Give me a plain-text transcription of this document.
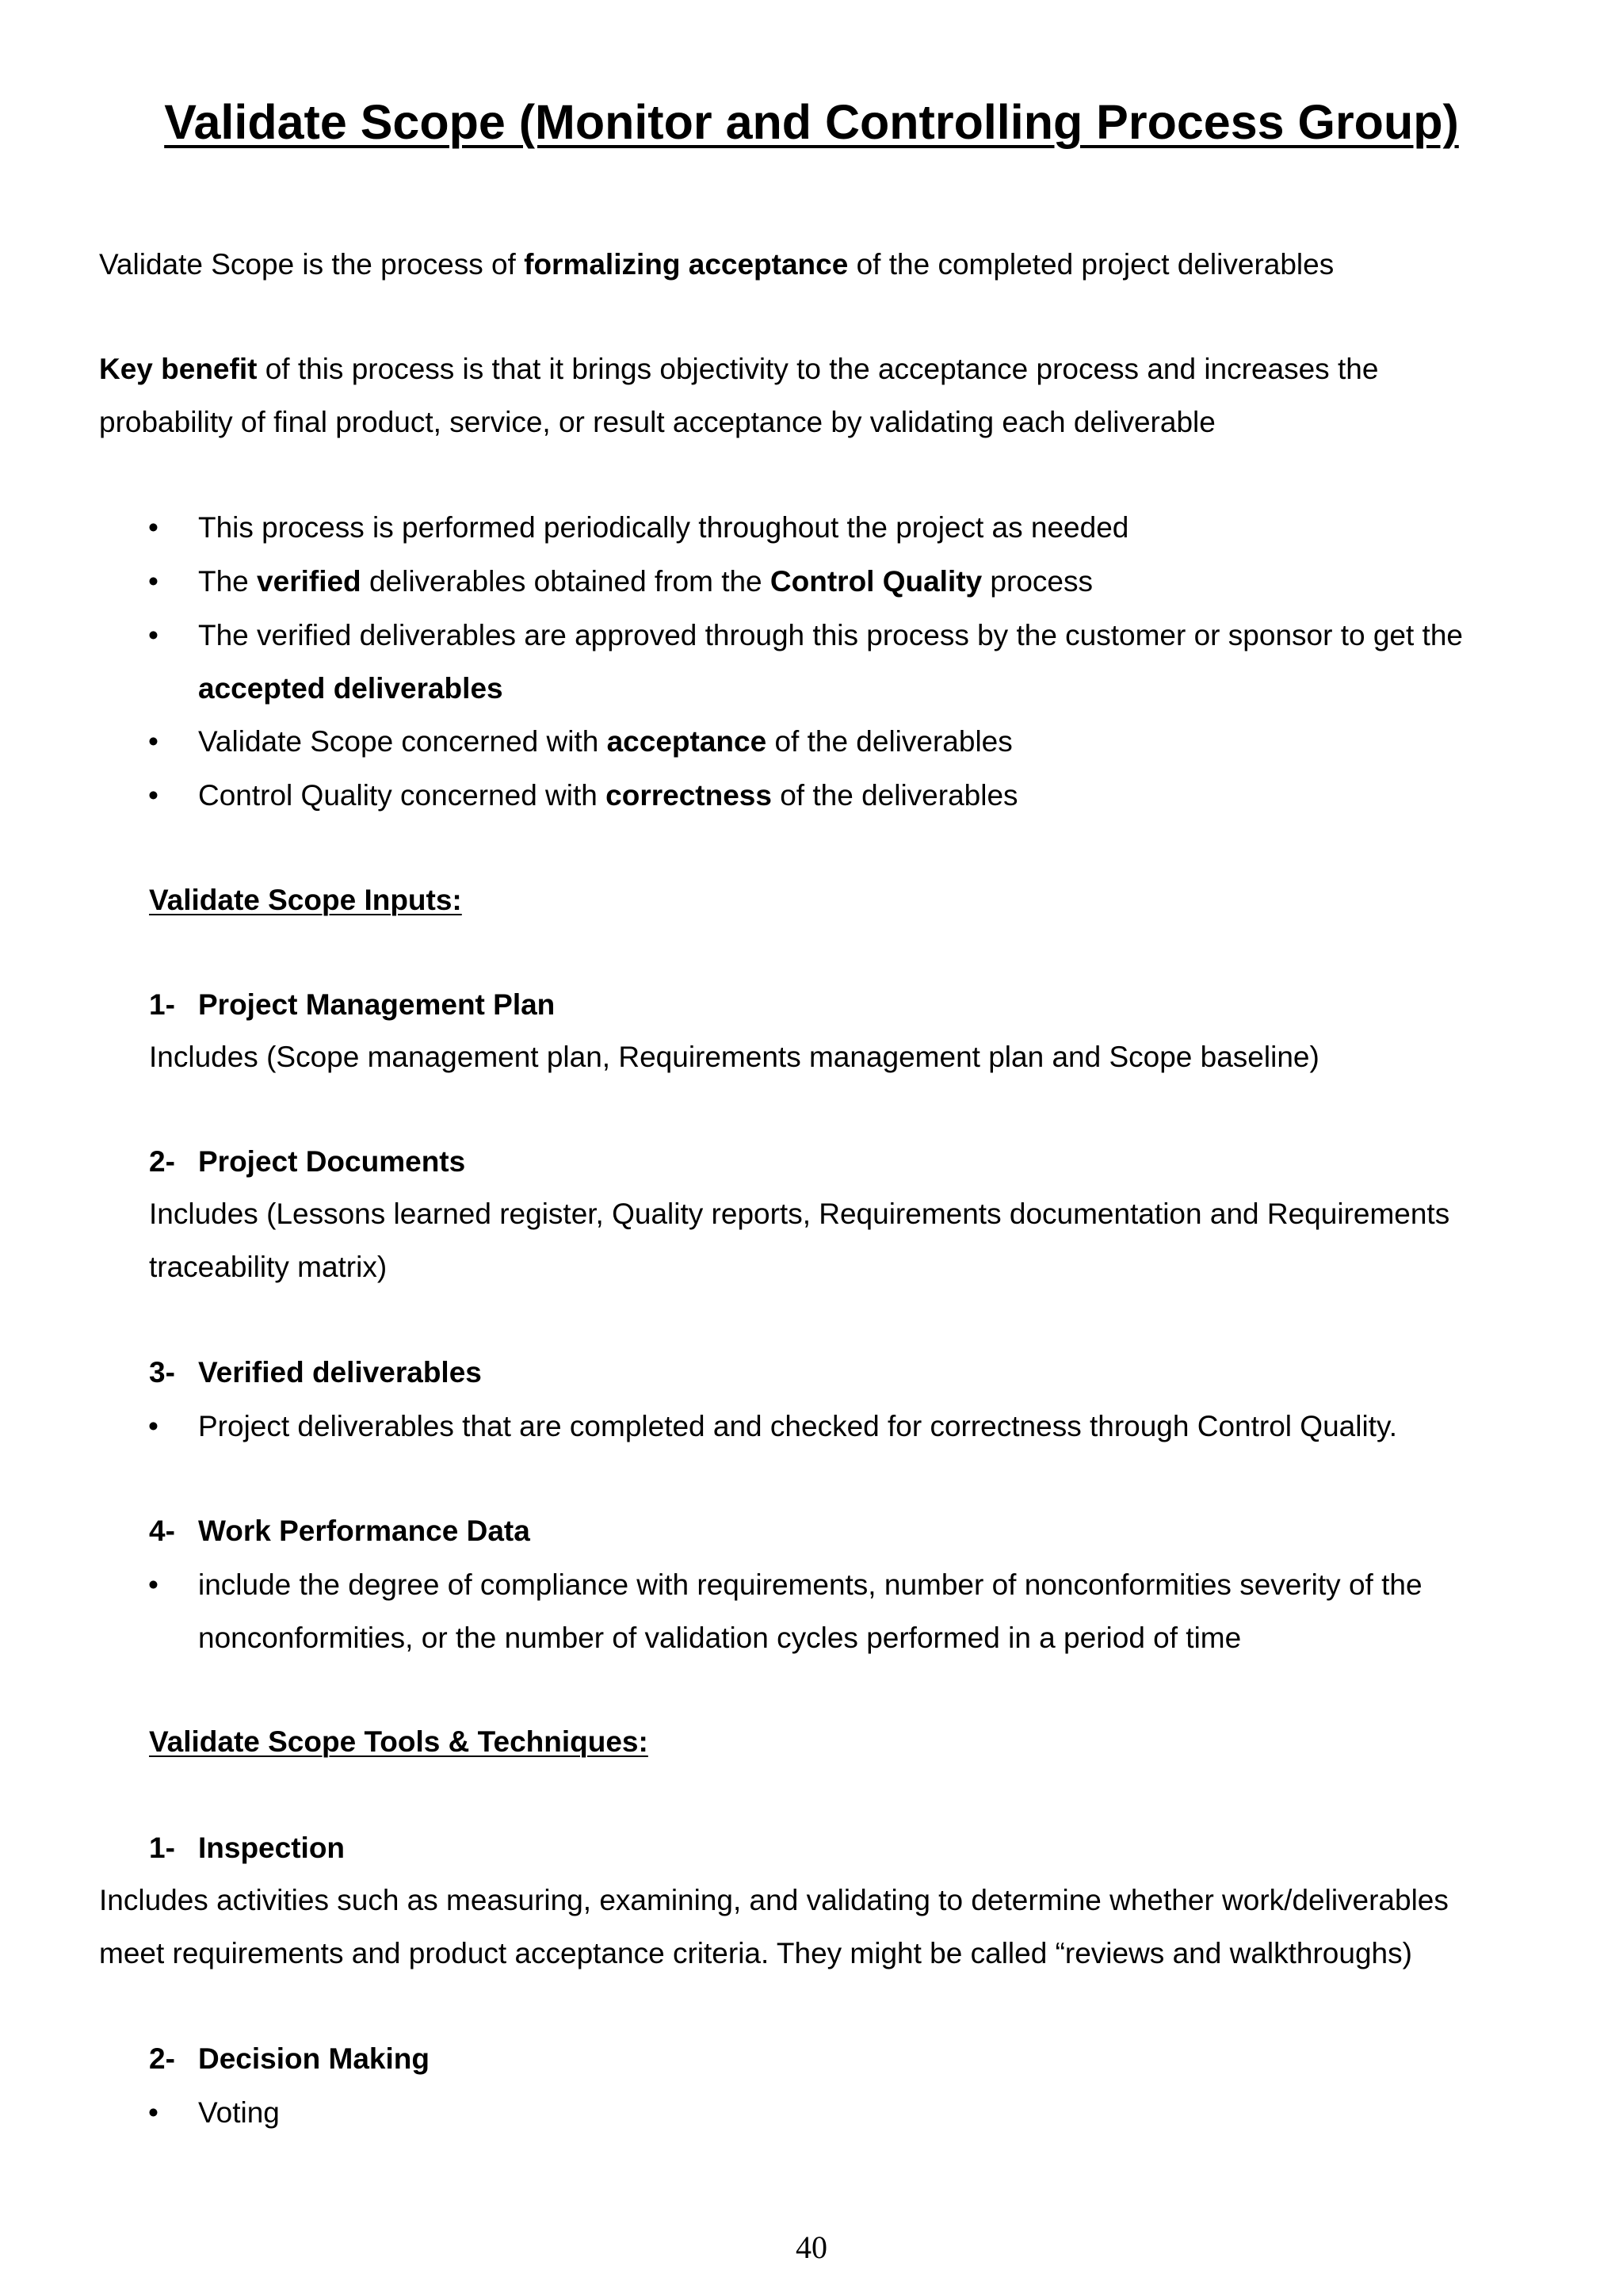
Validate Scope (Monitor and Controlling Process Group)
Validate Scope is the process of formalizing acceptance of the completed project deliverables
Key benefit of this process is that it brings objectivity to the acceptance process and increases the probability of final product, service, or result acceptance by validating each deliverable
• This process is performed periodically throughout the project as needed
• The verified deliverables obtained from the Control Quality process
• The verified deliverables are approved through this process by the customer or sponsor to get the accepted deliverables
• Validate Scope concerned with acceptance of the deliverables
• Control Quality concerned with correctness of the deliverables
Validate Scope Inputs:
1- Project Management Plan
Includes (Scope management plan, Requirements management plan and Scope baseline)
2- Project Documents
Includes (Lessons learned register, Quality reports, Requirements documentation and Requirements traceability matrix)
3- Verified deliverables
• Project deliverables that are completed and checked for correctness through Control Quality.
4- Work Performance Data
• include the degree of compliance with requirements, number of nonconformities severity of the nonconformities, or the number of validation cycles performed in a period of time
Validate Scope Tools & Techniques:
1- Inspection
Includes activities such as measuring, examining, and validating to determine whether work/deliverables meet requirements and product acceptance criteria. They might be called “reviews and walkthroughs)
2- Decision Making
• Voting
40
